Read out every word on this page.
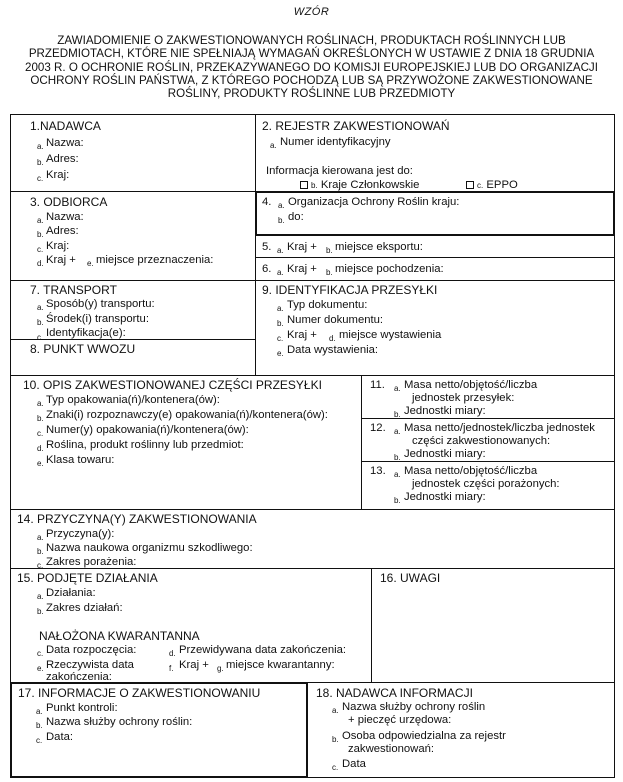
WZÓR
ZAWIADOMIENIE O ZAKWESTIONOWANYCH ROŚLINACH, PRODUKTACH ROŚLINNYCH LUB
PRZEDMIOTACH, KTÓRE NIE SPEŁNIAJĄ WYMAGAŃ OKREŚLONYCH W USTAWIE Z DNIA 18 GRUDNIA
2003 R. O OCHRONIE ROŚLIN, PRZEKAZYWANEGO DO KOMISJI EUROPEJSKIEJ LUB DO ORGANIZACJI
OCHRONY ROŚLIN PAŃSTWA, Z KTÓREGO POCHODZĄ LUB SĄ PRZYWOŻONE ZAKWESTIONOWANE
ROŚLINY, PRODUKTY ROŚLINNE LUB PRZEDMIOTY
1.NADAWCA
a. Nazwa:
b. Adres:
c. Kraj:
2. REJESTR ZAKWESTIONOWAŃ
a. Numer identyfikacyjny
Informacja kierowana jest do:
b. Kraje Członkowskie	c. EPPO
3. ODBIORCA
a. Nazwa:
b. Adres:
c. Kraj:
d. Kraj + e. miejsce przeznaczenia:
4. a. Organizacja Ochrony Roślin kraju:
b. do:
5. a. Kraj + b. miejsce eksportu:
6. a. Kraj + b. miejsce pochodzenia:
7. TRANSPORT
a. Sposób(y) transportu:
b. Środek(i) transportu:
c. Identyfikacja(e):
8. PUNKT WWOZU
9. IDENTYFIKACJA PRZESYŁKI
a. Typ dokumentu:
b. Numer dokumentu:
c. Kraj + d. miejsce wystawienia
e. Data wystawienia:
10. OPIS ZAKWESTIONOWANEJ CZĘŚCI PRZESYŁKI
a. Typ opakowania(ń)/kontenera(ów):
b. Znaki(i) rozpoznawczy(e) opakowania(ń)/kontenera(ów):
c. Numer(y) opakowania(ń)/kontenera(ów):
d. Roślina, produkt roślinny lub przedmiot:
e. Klasa towaru:
11. a. Masa netto/objętość/liczba
jednostek przesyłek:
b. Jednostki miary:
12. a. Masa netto/jednostek/liczba jednostek
części zakwestionowanych:
b. Jednostki miary:
13. a. Masa netto/objętość/liczba
jednostek części porażonych:
b. Jednostki miary:
14. PRZYCZYNA(Y) ZAKWESTIONOWANIA
a. Przyczyna(y):
b. Nazwa naukowa organizmu szkodliwego:
c. Zakres porażenia:
15. PODJĘTE DZIAŁANIA
a. Działania:
b. Zakres działań:
NAŁOŻONA KWARANTANNA
c. Data rozpoczęcia:	d. Przewidywana data zakończenia:
e. Rzeczywista data
zakończenia:
f. Kraj + g. miejsce kwarantanny:
16. UWAGI
17. INFORMACJE O ZAKWESTIONOWANIU
a. Punkt kontroli:
b. Nazwa służby ochrony roślin:
c. Data:
18. NADAWCA INFORMACJI
a. Nazwa służby ochrony roślin
+ pieczęć urzędowa:
b. Osoba odpowiedzialna za rejestr
zakwestionowań:
c. Data
